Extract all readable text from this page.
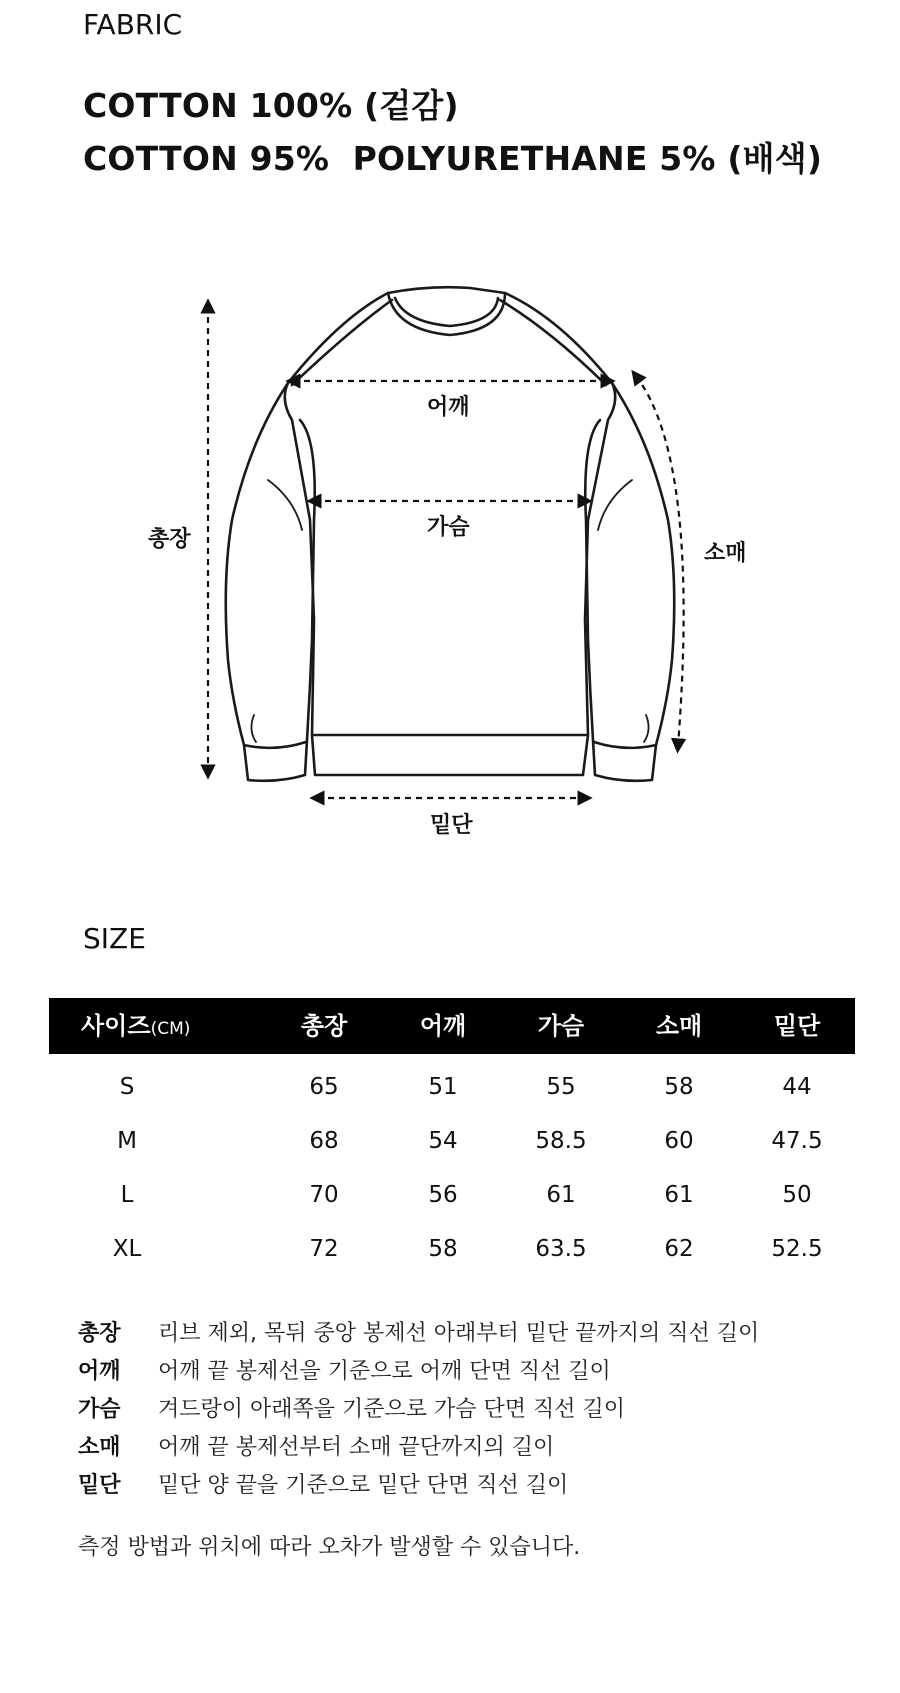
FABRIC
COTTON 100% (겉감)
COTTON 95%  POLYURETHANE 5% (배색)
총장
어깨
가슴
소매
밑단
SIZE
사이즈(CM)	총장	어깨	가슴	소매	밑단
S	65	51	55	58	44
M	68	54	58.5	60	47.5
L	70	56	61	61	50
XL	72	58	63.5	62	52.5
총장 리브 제외, 목뒤 중앙 봉제선 아래부터 밑단 끝까지의 직선 길이
어깨 어깨 끝 봉제선을 기준으로 어깨 단면 직선 길이
가슴 겨드랑이 아래쪽을 기준으로 가슴 단면 직선 길이
소매 어깨 끝 봉제선부터 소매 끝단까지의 길이
밑단 밑단 양 끝을 기준으로 밑단 단면 직선 길이
측정 방법과 위치에 따라 오차가 발생할 수 있습니다.
